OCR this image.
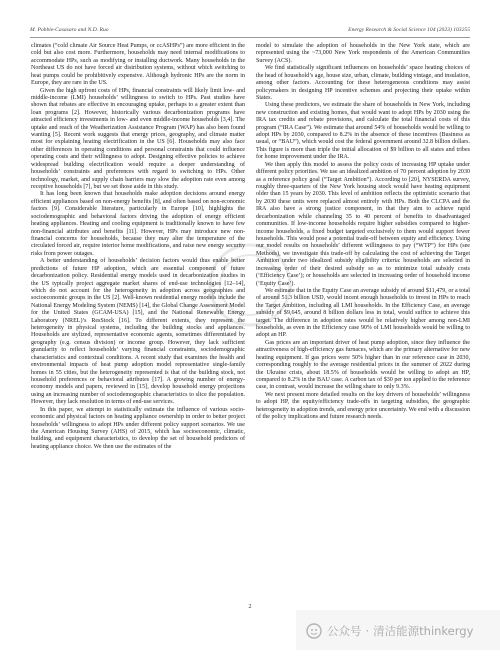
M. Pobbie-Casasaro and N.D. Ruo	Energy Research & Social Science 104 (2023) 103255

climates (“cold climate Air Source Heat Pumps, or ccASHPs”) are more efficient in the cold but also cost more. Furthermore, households may need internal modifications to accommodate HPs, such as modifying or installing ductwork. Many households in the Northeast US do not have forced air distribution systems, without which switching to heat pumps could be prohibitively expensive. Although hydronic HPs are the norm in Europe, they are rare in the US.

Given the high upfront costs of HPs, financial constraints will likely limit low- and middle-income (LMI) households’ willingness to switch to HPs. Past studies have shown that rebates are effective in encouraging uptake, perhaps to a greater extent than loan programs [2]. However, historically various decarbonization programs have attracted efficiency investments in low- and even middle-income households [3,4]. The uptake and reach of the Weatherization Assistance Program (WAP) has also been found wanting [5]. Recent work suggests that energy prices, geography, and climate matter most for explaining heating electrification in the US [6]. Households may also face other differences in operating conditions and personal constraints that could influence operating costs and their willingness to adopt. Designing effective policies to achieve widespread building electrification would require a deeper understanding of households’ constraints and preferences with regard to switching to HPs. Other technology, market, and supply chain barriers may slow the adoption rate even among receptive households [7], but we set those aside in this study.

It has long been known that households make adoption decisions around energy efficient appliances based on non-energy benefits [8], and often based on non-economic factors [9]. Considerable literature, particularly in Europe [10], highlights the sociodemographic and behavioral factors driving the adoption of energy efficient heating appliances. Heating and cooling equipment is traditionally known to have few non-financial attributes and benefits [11]. However, HPs may introduce new non-financial concerns for households, because they may alter the temperature of the circulated forced air, require interior home modifications, and raise new energy security risks from power outages.

A better understanding of households’ decision factors would thus enable better predictions of future HP adoption, which are essential component of future decarbonization policy. Residential energy models used in decarbonization studies in the US typically project aggregate market shares of end-use technologies [12–14], which do not account for the heterogeneity in adoption across geographies and socioeconomic groups in the US [2]. Well-known residential energy models include the National Energy Modeling System (NEMS) [14], the Global Change Assessment Model for the United States (GCAM-USA) [15], and the National Renewable Energy Laboratory (NREL)’s ResStock [16]. To different extents, they represent the heterogeneity in physical systems, including the building stocks and appliances. Households are stylized, representative economic agents, sometimes differentiated by geography (e.g. census division) or income group. However, they lack sufficient granularity to reflect households’ varying financial constraints, sociodemographic characteristics and contextual conditions. A recent study that examines the health and environmental impacts of heat pump adoption model representative single-family homes in 55 cities, but the heterogeneity represented is that of the building stock, not household preferences or behavioral attributes [17]. A growing number of energy-economy models and papers, reviewed in [15], develop household energy projections using an increasing number of sociodemographic characteristics to slice the population. However, they lack resolution in terms of end-use services.

In this paper, we attempt to statistically estimate the influence of various socio-economic and physical factors on heating appliance ownership in order to better project households’ willingness to adopt HPs under different policy support scenarios. We use the American Housing Survey (AHS) of 2015, which has socioeconomic, climatic, building, and equipment characteristics, to develop the set of household predictors of heating appliance choice. We then use the estimates of the

model to simulate the adoption of households in the New York state, which are represented using the ~73,000 New York respondents of the American Communities Survey (ACS).

We find statistically significant influences on households’ space heating choices of the head of household’s age, house size, urban, climate, building vintage, and insulation, among other factors. Accounting for these heterogeneous conditions may assist policymakers in designing HP incentive schemes and projecting their uptake within States.

Using these predictors, we estimate the share of households in New York, including new construction and existing homes, that would want to adopt HPs by 2030 using the IRA tax credits and rebate provisions, and calculate the total financial costs of this program (“IRA Case”). We estimate that around 54% of households would be willing to adopt HPs by 2030, compared to 8.2% in the absence of these incentives (Business as usual, or “BAU”), which would cost the federal government around 32.8 billion dollars. This figure is more than triple the initial allocation of $9 billion to all states and tribes for home improvement under the IRA.

We then apply this model to assess the policy costs of increasing HP uptake under different policy priorities. We use an idealized ambition of 70 percent adoption by 2030 as a reference policy goal (“Target Ambition”). According to [20], NYSERDA survey, roughly three-quarters of the New York housing stock would have heating equipment older than 15 years by 2030. This level of ambition reflects the optimistic scenario that by 2030 these units were replaced almost entirely with HPs. Both the CLCPA and the IRA also have a strong justice component, in that they aim to achieve rapid decarbonization while channeling 35 to 40 percent of benefits to disadvantaged communities. If low-income households require higher subsidies compared to higher-income households, a fixed budget targeted exclusively to them would support fewer households. This would pose a potential trade-off between equity and efficiency. Using our model results on households’ different willingness to pay (“WTP”) for HPs (see Methods), we investigate this trade-off by calculating the cost of achieving the Target Ambition under two idealized subsidy eligibility criteria: households are selected in increasing order of their desired subsidy so as to minimize total subsidy costs (‘Efficiency Case’); or households are selected in increasing order of household income (‘Equity Case’).

We estimate that in the Equity Case an average subsidy of around $11,479, or a total of around 51.3 billion USD, would incent enough households to invest in HPs to reach the Target Ambition, including all LMI households. In the Efficiency Case, an average subsidy of $9,645, around 8 billion dollars less in total, would suffice to achieve this target. The difference in adoption rates would be relatively higher among non-LMI households, as even in the Efficiency case 90% of LMI households would be willing to adopt an HP.

Gas prices are an important driver of heat pump adoption, since they influence the attractiveness of high-efficiency gas furnaces, which are the primary alternative for new heating equipment. If gas prices were 50% higher than in our reference case in 2030, corresponding roughly to the average residential prices in the summer of 2022 during the Ukraine crisis, about 18.5% of households would be willing to adopt an HP, compared to 8.2% in the BAU case. A carbon tax of $30 per ton applied to the reference case, in contrast, would increase the willing share to only 9.3%.

We next present more detailed results on the key drivers of households’ willingness to adopt HP, the equity/efficiency trade-offs in targeting subsidies, the geographic heterogeneity in adoption trends, and energy price uncertainty. We end with a discussion of the policy implications and future research needs.

2
公众号 · 清洁能源thinkergy
